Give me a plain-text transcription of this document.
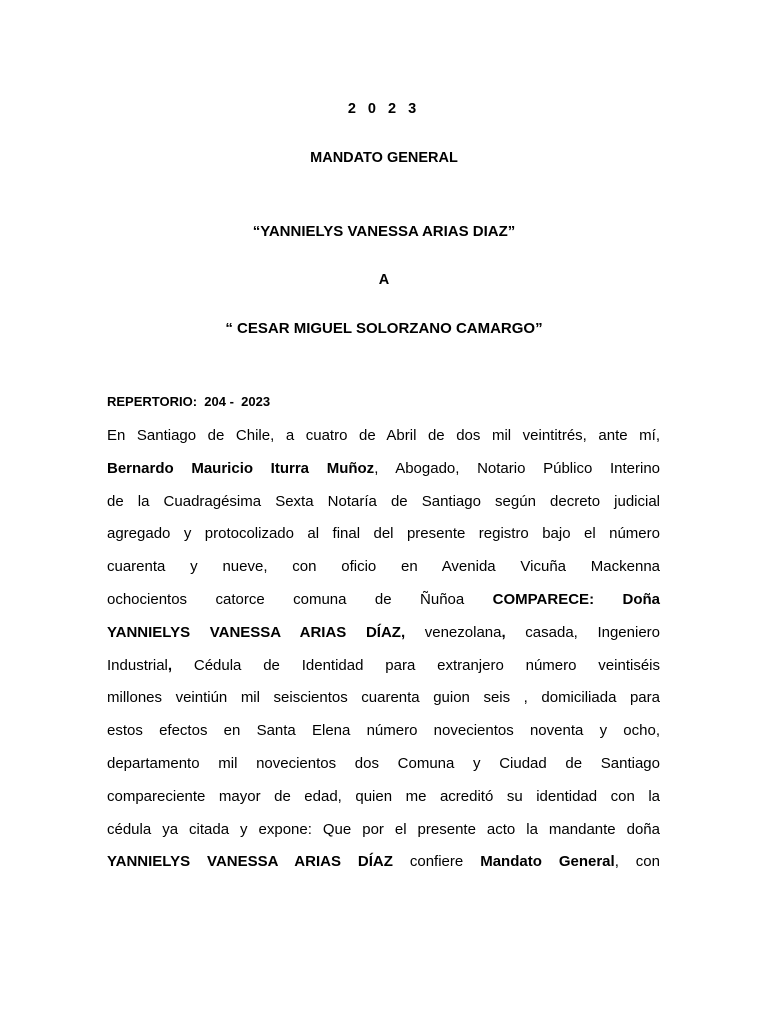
2 0 2 3
MANDATO GENERAL
“YANNIELYS VANESSA ARIAS DIAZ”
A
“ CESAR MIGUEL SOLORZANO CAMARGO”
REPERTORIO:  204 -  2023
En Santiago de Chile, a cuatro de Abril de dos mil veintitrés, ante mí,
Bernardo Mauricio Iturra Muñoz, Abogado, Notario Público Interino
de la Cuadragésima Sexta Notaría de Santiago según decreto judicial
agregado y protocolizado al final del presente registro bajo el número
cuarenta y nueve, con oficio en Avenida Vicuña Mackenna
ochocientos catorce comuna de Ñuñoa COMPARECE: Doña
YANNIELYS VANESSA ARIAS DÍAZ, venezolana, casada, Ingeniero
Industrial, Cédula de Identidad para extranjero número veintiséis
millones veintiún mil seiscientos cuarenta guion seis , domiciliada para
estos efectos en Santa Elena número novecientos noventa y ocho,
departamento mil novecientos dos Comuna y Ciudad de Santiago
compareciente mayor de edad, quien me acreditó su identidad con la
cédula ya citada y expone: Que por el presente acto la mandante doña
YANNIELYS VANESSA ARIAS DÍAZ confiere Mandato General, con
